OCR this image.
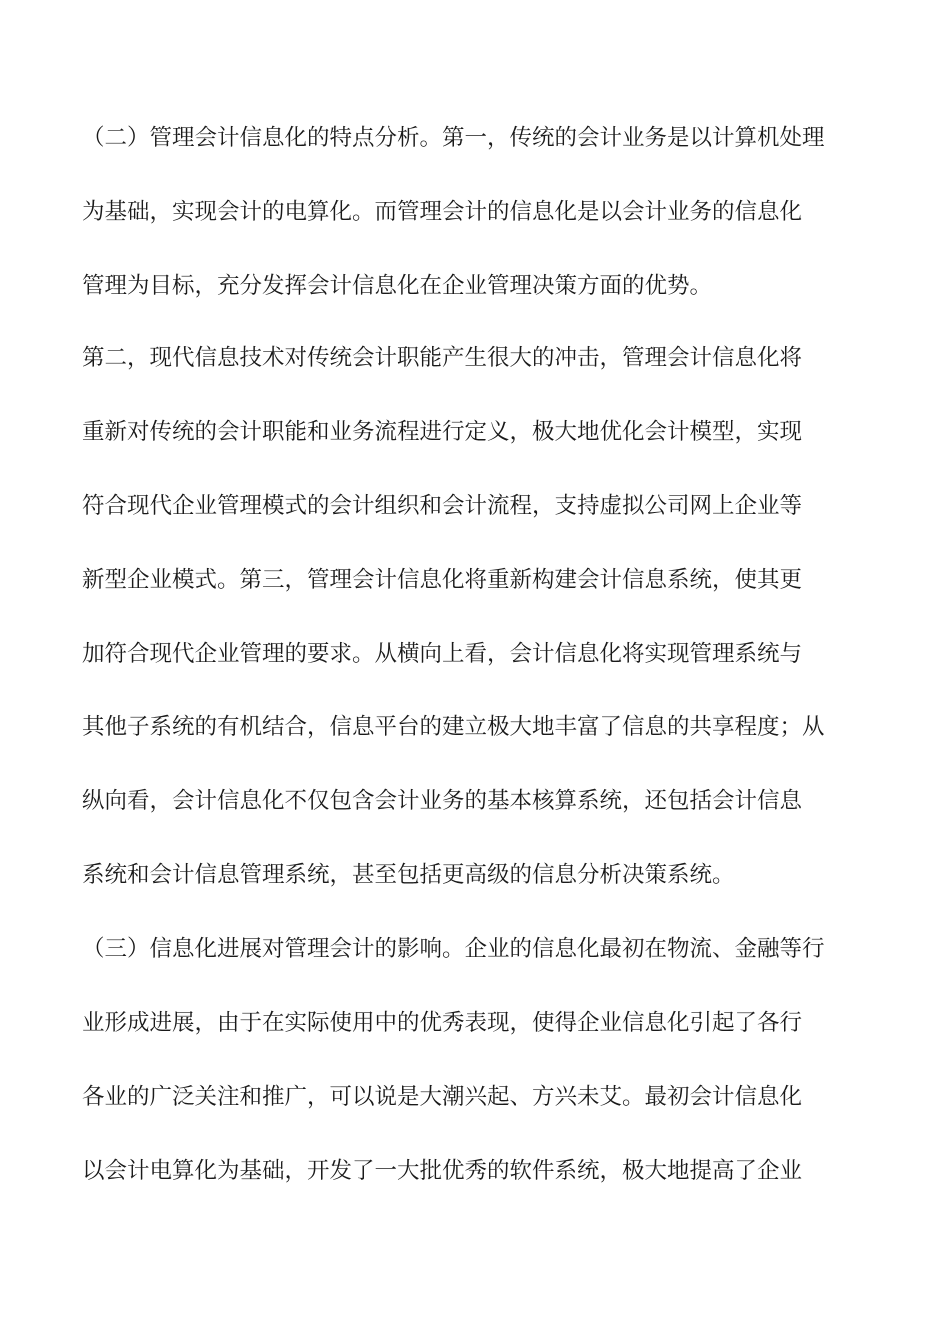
（二）管理会计信息化的特点分析。第一，传统的会计业务是以计算机处理
为基础，实现会计的电算化。而管理会计的信息化是以会计业务的信息化
管理为目标，充分发挥会计信息化在企业管理决策方面的优势。
第二，现代信息技术对传统会计职能产生很大的冲击，管理会计信息化将
重新对传统的会计职能和业务流程进行定义，极大地优化会计模型，实现
符合现代企业管理模式的会计组织和会计流程，支持虚拟公司网上企业等
新型企业模式。第三，管理会计信息化将重新构建会计信息系统，使其更
加符合现代企业管理的要求。从横向上看，会计信息化将实现管理系统与
其他子系统的有机结合，信息平台的建立极大地丰富了信息的共享程度；从
纵向看，会计信息化不仅包含会计业务的基本核算系统，还包括会计信息
系统和会计信息管理系统，甚至包括更高级的信息分析决策系统。
（三）信息化进展对管理会计的影响。企业的信息化最初在物流、金融等行
业形成进展，由于在实际使用中的优秀表现，使得企业信息化引起了各行
各业的广泛关注和推广，可以说是大潮兴起、方兴未艾。最初会计信息化
以会计电算化为基础，开发了一大批优秀的软件系统，极大地提高了企业
